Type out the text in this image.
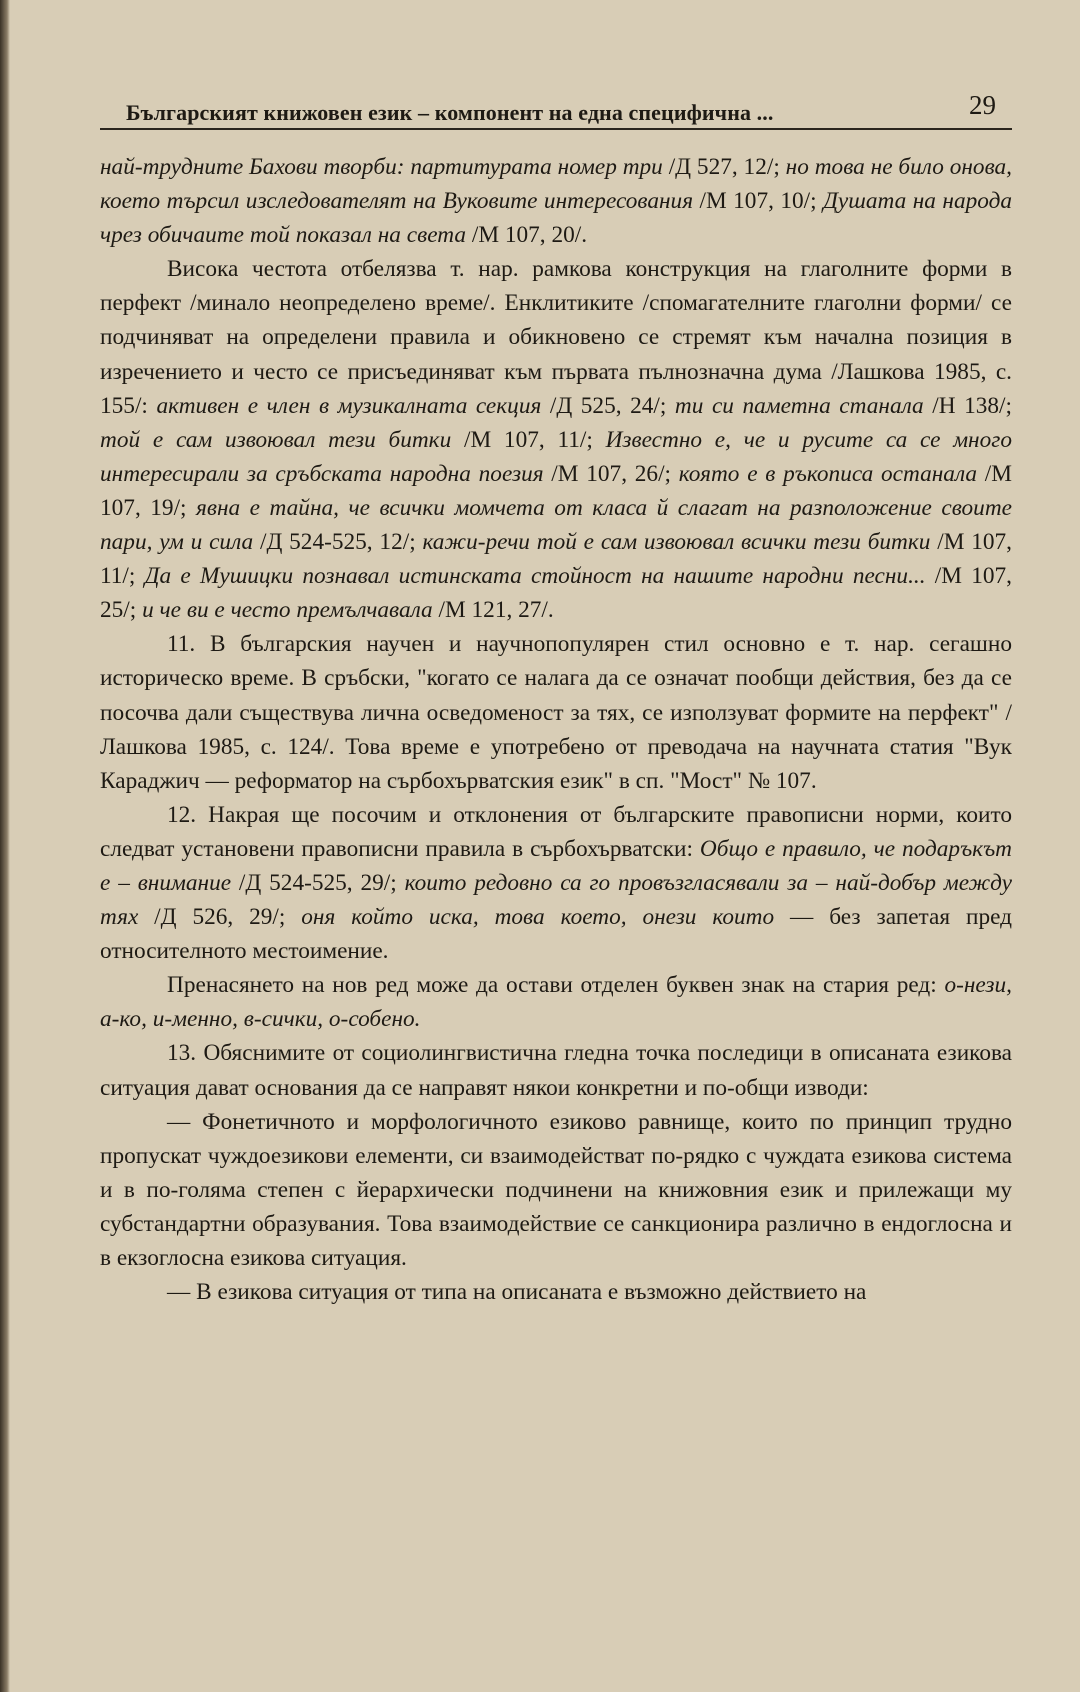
Българският книжовен език – компонент на една специфична ...	29

най-трудните Бахови творби: партитурата номер три /Д 527, 12/; но това не било онова, което търсил изследователят на Вуковите интересования /М 107, 10/; Душата на народа чрез обичаите той показал на света /М 107, 20/.

Висока честота отбелязва т. нар. рамкова конструкция на глаголните форми в перфект /минало неопределено време/. Енклитиките /спомагателните глаголни форми/ се подчиняват на определени правила и обикновено се стремят към начална позиция в изречението и често се присъединяват към първата пълнозначна дума /Лашкова 1985, с. 155/: активен е член в музикалната секция /Д 525, 24/; ти си паметна станала /Н 138/; той е сам извоювал тези битки /М 107, 11/; Известно е, че и русите са се много интересирали за сръбската народна поезия /М 107, 26/; която е в ръкописа останала /М 107, 19/; явна е тайна, че всички момчета от класа й слагат на разположение своите пари, ум и сила /Д 524-525, 12/; кажи-речи той е сам извоювал всички тези битки /М 107, 11/; Да е Мушицки познавал истинската стойност на нашите народни песни... /М 107, 25/; и че ви е често премълчавала /М 121, 27/.

11. В българския научен и научнопопулярен стил основно е т. нар. сегашно историческо време. В сръбски, "когато се налага да се означат пообщи действия, без да се посочва дали съществува лична осведоменост за тях, се използуват формите на перфект" /Лашкова 1985, с. 124/. Това време е употребено от преводача на научната статия "Вук Караджич — реформатор на сърбохърватския език" в сп. "Мост" № 107.

12. Накрая ще посочим и отклонения от българските правописни норми, които следват установени правописни правила в сърбохърватски: Общо е правило, че подаръкът е – внимание /Д 524-525, 29/; които редовно са го провъзгласявали за – най-добър между тях /Д 526, 29/; оня който иска, това което, онези които — без запетая пред относителното местоимение.

Пренасянето на нов ред може да остави отделен буквен знак на стария ред: о-нези, а-ко, и-менно, в-сички, о-собено.

13. Обяснимите от социолингвистична гледна точка последици в описаната езикова ситуация дават основания да се направят някои конкретни и по-общи изводи:

— Фонетичното и морфологичното езиково равнище, които по принцип трудно пропускат чуждоезикови елементи, си взаимодействат по-рядко с чуждата езикова система и в по-голяма степен с йерархически подчинени на книжовния език и прилежащи му субстандартни образувания. Това взаимодействие се санкционира различно в ендоглосна и в екзоглосна езикова ситуация.

— В езикова ситуация от типа на описаната е възможно действието на
